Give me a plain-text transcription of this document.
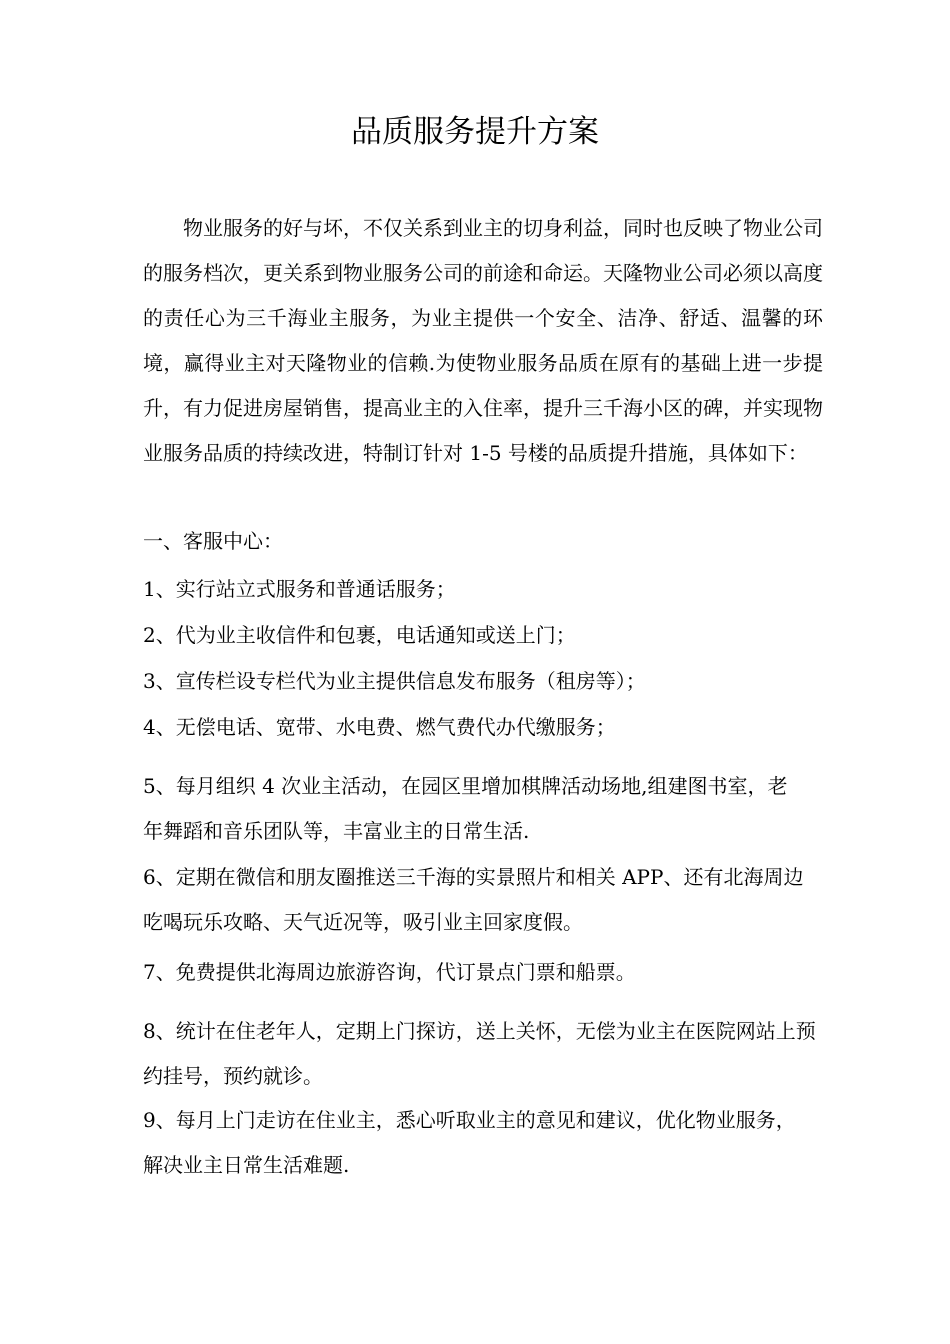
品质服务提升方案

物业服务的好与坏，不仅关系到业主的切身利益，同时也反映了物业公司的服务档次，更关系到物业服务公司的前途和命运。天隆物业公司必须以高度的责任心为三千海业主服务，为业主提供一个安全、洁净、舒适、温馨的环境，赢得业主对天隆物业的信赖.为使物业服务品质在原有的基础上进一步提升，有力促进房屋销售，提高业主的入住率，提升三千海小区的碑，并实现物业服务品质的持续改进，特制订针对 1-5 号楼的品质提升措施，具体如下：

一、客服中心：

1、实行站立式服务和普通话服务；

2、代为业主收信件和包裹，电话通知或送上门；

3、宣传栏设专栏代为业主提供信息发布服务（租房等）；

4、无偿电话、宽带、水电费、燃气费代办代缴服务；

5、每月组织 4 次业主活动，在园区里增加棋牌活动场地,组建图书室，老年舞蹈和音乐团队等，丰富业主的日常生活.

6、定期在微信和朋友圈推送三千海的实景照片和相关 APP、还有北海周边吃喝玩乐攻略、天气近况等，吸引业主回家度假。

7、免费提供北海周边旅游咨询，代订景点门票和船票。

8、统计在住老年人，定期上门探访，送上关怀，无偿为业主在医院网站上预约挂号，预约就诊。

9、每月上门走访在住业主，悉心听取业主的意见和建议，优化物业服务，解决业主日常生活难题.
